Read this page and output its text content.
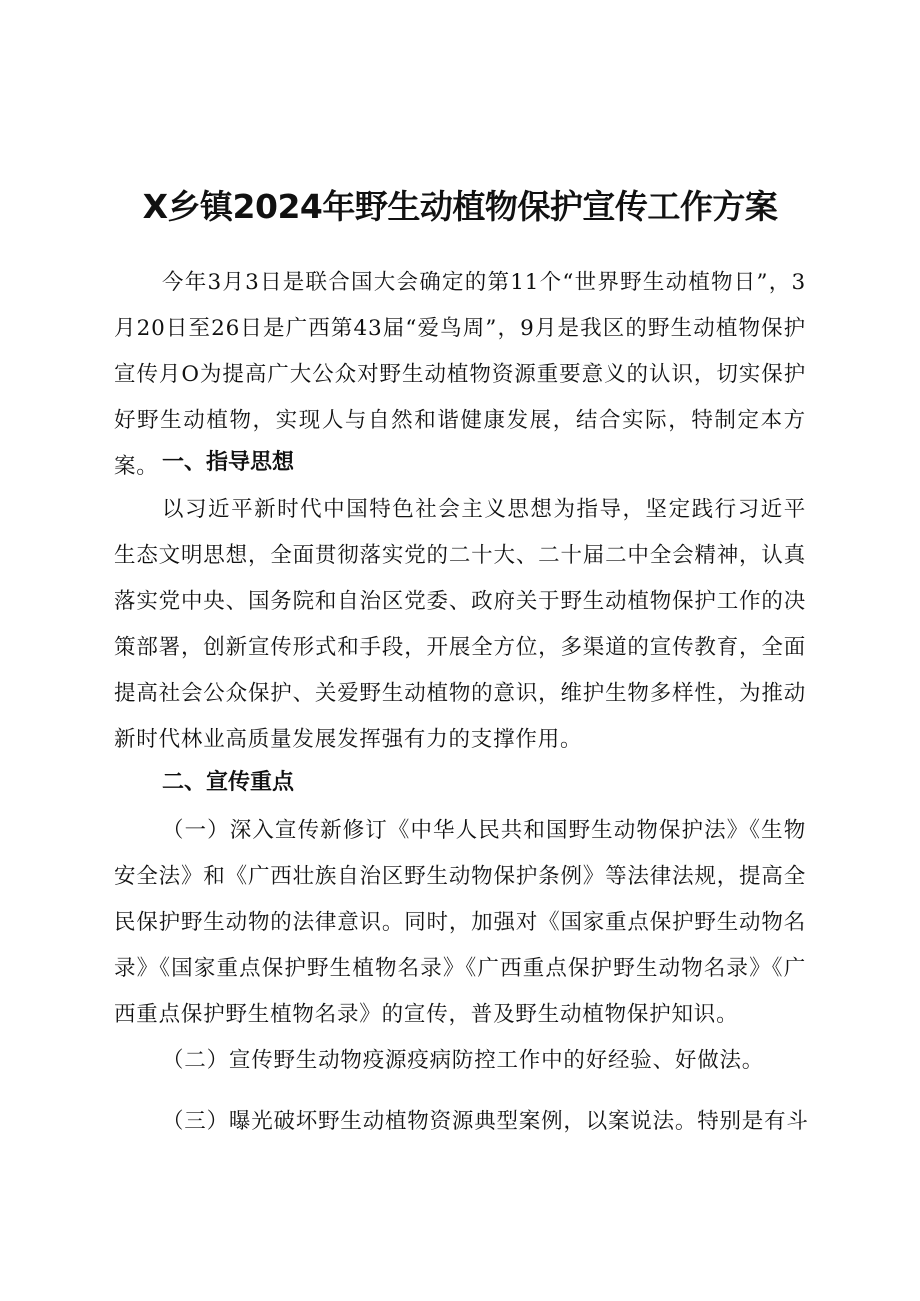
X乡镇2024年野生动植物保护宣传工作方案

今年3月3日是联合国大会确定的第11个“世界野生动植物日”，3月20日至26日是广西第43届“爱鸟周”，9月是我区的野生动植物保护宣传月O为提高广大公众对野生动植物资源重要意义的认识，切实保护好野生动植物，实现人与自然和谐健康发展，结合实际，特制定本方案。 一、指导思想

以习近平新时代中国特色社会主义思想为指导，坚定践行习近平生态文明思想，全面贯彻落实党的二十大、二十届二中全会精神，认真落实党中央、国务院和自治区党委、政府关于野生动植物保护工作的决策部署，创新宣传形式和手段，开展全方位，多渠道的宣传教育，全面提高社会公众保护、关爱野生动植物的意识，维护生物多样性，为推动新时代林业高质量发展发挥强有力的支撑作用。

二、宣传重点

（一）深入宣传新修订《中华人民共和国野生动物保护法》《生物安全法》和《广西壮族自治区野生动物保护条例》等法律法规，提高全民保护野生动物的法律意识。同时，加强对《国家重点保护野生动物名录》《国家重点保护野生植物名录》《广西重点保护野生动物名录》《广西重点保护野生植物名录》的宣传，普及野生动植物保护知识。

（二）宣传野生动物疫源疫病防控工作中的好经验、好做法。

（三）曝光破坏野生动植物资源典型案例，以案说法。特别是有斗
